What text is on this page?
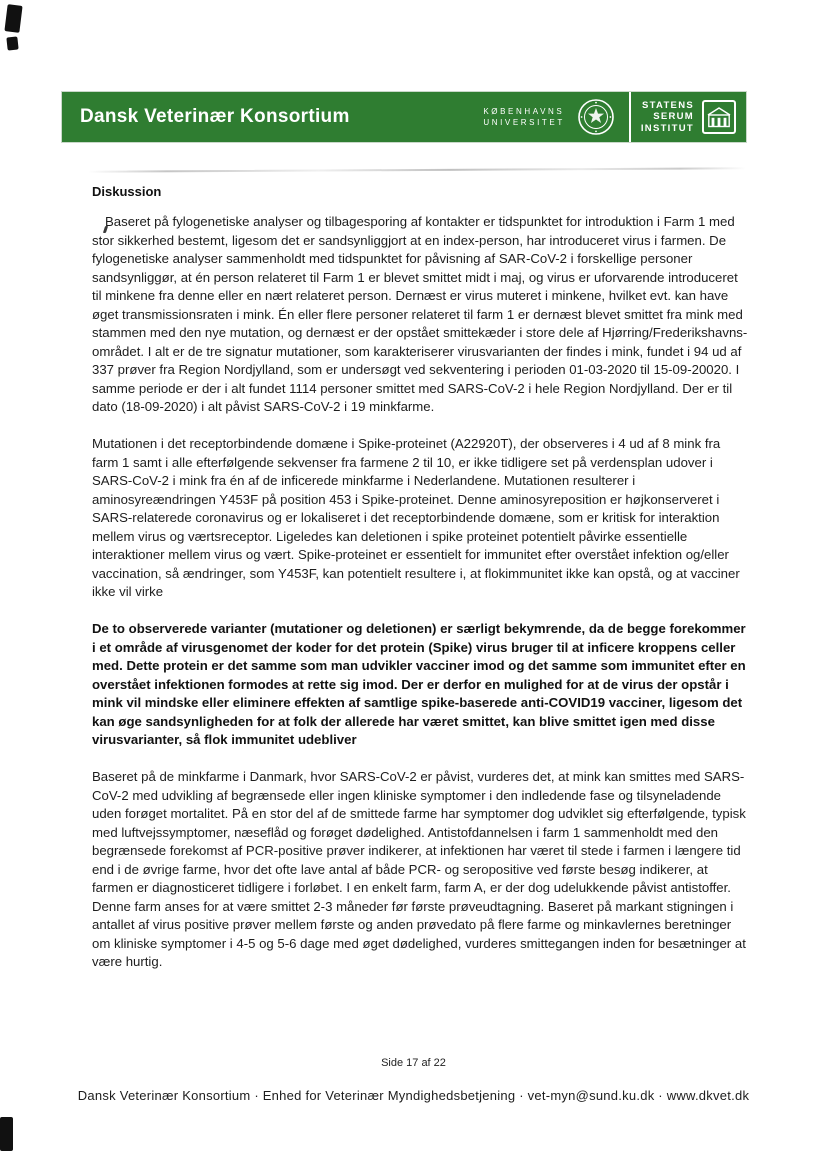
Dansk Veterinær Konsortium	KØBENHAVNS
UNIVERSITET
STATENS
SERUM
INSTITUT
Diskussion

Baseret på fylogenetiske analyser og tilbagesporing af kontakter er tidspunktet for introduktion i Farm 1 med stor sikkerhed bestemt, ligesom det er sandsynliggjort at en index-person, har introduceret virus i farmen. De fylogenetiske analyser sammenholdt med tidspunktet for påvisning af SAR-CoV-2 i forskellige personer sandsynliggør, at én person relateret til Farm 1 er blevet smittet midt i maj, og virus er uforvarende introduceret til minkene fra denne eller en nært relateret person. Dernæst er virus muteret i minkene, hvilket evt. kan have øget transmissionsraten i mink. Én eller flere personer relateret til farm 1 er dernæst blevet smittet fra mink med stammen med den nye mutation, og dernæst er der opstået smittekæder i store dele af Hjørring/Frederikshavns-området. I alt er de tre signatur mutationer, som karakteriserer virusvarianten der findes i mink, fundet i 94 ud af 337 prøver fra Region Nordjylland, som er undersøgt ved sekventering i perioden 01-03-2020 til 15-09-20020. I samme periode er der i alt fundet 1114 personer smittet med SARS-CoV-2 i hele Region Nordjylland. Der er til dato (18-09-2020) i alt påvist SARS-CoV-2 i 19 minkfarme.

Mutationen i det receptorbindende domæne i Spike-proteinet (A22920T), der observeres i 4 ud af 8 mink fra farm 1 samt i alle efterfølgende sekvenser fra farmene 2 til 10, er ikke tidligere set på verdensplan udover i SARS-CoV-2 i mink fra én af de inficerede minkfarme i Nederlandene. Mutationen resulterer i aminosyreændringen Y453F på position 453 i Spike-proteinet. Denne aminosyreposition er højkonserveret i SARS-relaterede coronavirus og er lokaliseret i det receptorbindende domæne, som er kritisk for interaktion mellem virus og værtsreceptor. Ligeledes kan deletionen i spike proteinet potentielt påvirke essentielle interaktioner mellem virus og vært. Spike-proteinet er essentielt for immunitet efter overstået infektion og/eller vaccination, så ændringer, som Y453F, kan potentielt resultere i, at flokimmunitet ikke kan opstå, og at vacciner ikke vil virke

De to observerede varianter (mutationer og deletionen) er særligt bekymrende, da de begge forekommer i et område af virusgenomet der koder for det protein (Spike) virus bruger til at inficere kroppens celler med. Dette protein er det samme som man udvikler vacciner imod og det samme som immunitet efter en overstået infektionen formodes at rette sig imod. Der er derfor en mulighed for at de virus der opstår i mink vil mindske eller eliminere effekten af samtlige spike-baserede anti-COVID19 vacciner, ligesom det kan øge sandsynligheden for at folk der allerede har været smittet, kan blive smittet igen med disse virusvarianter, så flok immunitet udebliver

Baseret på de minkfarme i Danmark, hvor SARS-CoV-2 er påvist, vurderes det, at mink kan smittes med SARS-CoV-2 med udvikling af begrænsede eller ingen kliniske symptomer i den indledende fase og tilsyneladende uden forøget mortalitet. På en stor del af de smittede farme har symptomer dog udviklet sig efterfølgende, typisk med luftvejssymptomer, næseflåd og forøget dødelighed. Antistofdannelsen i farm 1 sammenholdt med den begrænsede forekomst af PCR-positive prøver indikerer, at infektionen har været til stede i farmen i længere tid end i de øvrige farme, hvor det ofte lave antal af både PCR- og seropositive ved første besøg indikerer, at farmen er diagnosticeret tidligere i forløbet. I en enkelt farm, farm A, er der dog udelukkende påvist antistoffer. Denne farm anses for at være smittet 2-3 måneder før første prøveudtagning. Baseret på markant stigningen i antallet af virus positive prøver mellem første og anden prøvedato på flere farme og minkavlernes beretninger om kliniske symptomer i 4-5 og 5-6 dage med øget dødelighed, vurderes smittegangen inden for besætninger at være hurtig.

Side 17 af 22
Dansk Veterinær Konsortium · Enhed for Veterinær Myndighedsbetjening · vet-myn@sund.ku.dk · www.dkvet.dk
